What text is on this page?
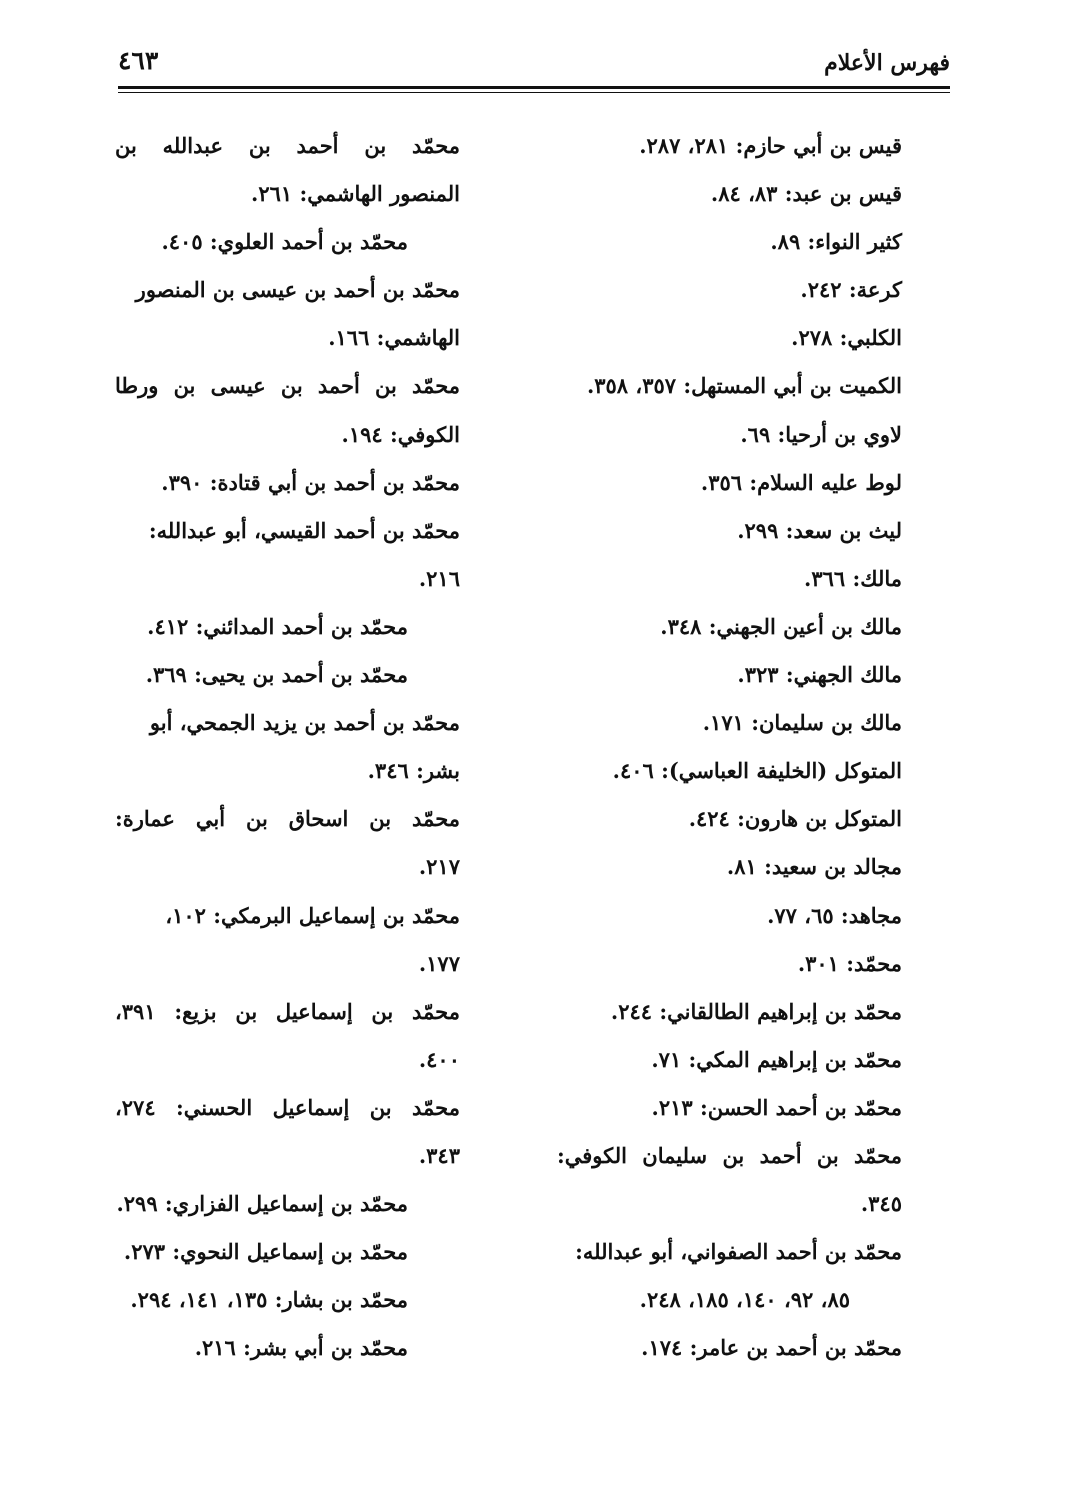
فهرس الأعلام
٤٦٣
قيس بن أبي حازم: ٢٨١، ٢٨٧.
قيس بن عبد: ٨٣، ٨٤.
كثير النواء: ٨٩.
كرعة: ٢٤٢.
الكلبي: ٢٧٨.
الكميت بن أبي المستهل: ٣٥٧، ٣٥٨.
لاوي بن أرحيا: ٦٩.
لوط عليه السلام: ٣٥٦.
ليث بن سعد: ٢٩٩.
مالك: ٣٦٦.
مالك بن أعين الجهني: ٣٤٨.
مالك الجهني: ٣٢٣.
مالك بن سليمان: ١٧١.
المتوكل (الخليفة العباسي): ٤٠٦.
المتوكل بن هارون: ٤٢٤.
مجالد بن سعيد: ٨١.
مجاهد: ٦٥، ٧٧.
محمّد: ٣٠١.
محمّد بن إبراهيم الطالقاني: ٢٤٤.
محمّد بن إبراهيم المكي: ٧١.
محمّد بن أحمد الحسن: ٢١٣.
محمّد بن أحمد بن سليمان الكوفي:
٣٤٥.
محمّد بن أحمد الصفواني، أبو عبدالله:
٨٥، ٩٢، ١٤٠، ١٨٥، ٢٤٨.
محمّد بن أحمد بن عامر: ١٧٤.
محمّد بن أحمد بن عبدالله بن
المنصور الهاشمي: ٢٦١.
محمّد بن أحمد العلوي: ٤٠٥.
محمّد بن أحمد بن عيسى بن المنصور
الهاشمي: ١٦٦.
محمّد بن أحمد بن عيسى بن ورطا
الكوفي: ١٩٤.
محمّد بن أحمد بن أبي قتادة: ٣٩٠.
محمّد بن أحمد القيسي، أبو عبدالله:
٢١٦.
محمّد بن أحمد المدائني: ٤١٢.
محمّد بن أحمد بن يحيى: ٣٦٩.
محمّد بن أحمد بن يزيد الجمحي، أبو
بشر: ٣٤٦.
محمّد بن اسحاق بن أبي عمارة:
٢١٧.
محمّد بن إسماعيل البرمكي: ١٠٢،
١٧٧.
محمّد بن إسماعيل بن بزيع: ٣٩١،
٤٠٠.
محمّد بن إسماعيل الحسني: ٢٧٤،
٣٤٣.
محمّد بن إسماعيل الفزاري: ٢٩٩.
محمّد بن إسماعيل النحوي: ٢٧٣.
محمّد بن بشار: ١٣٥، ١٤١، ٢٩٤.
محمّد بن أبي بشر: ٢١٦.
